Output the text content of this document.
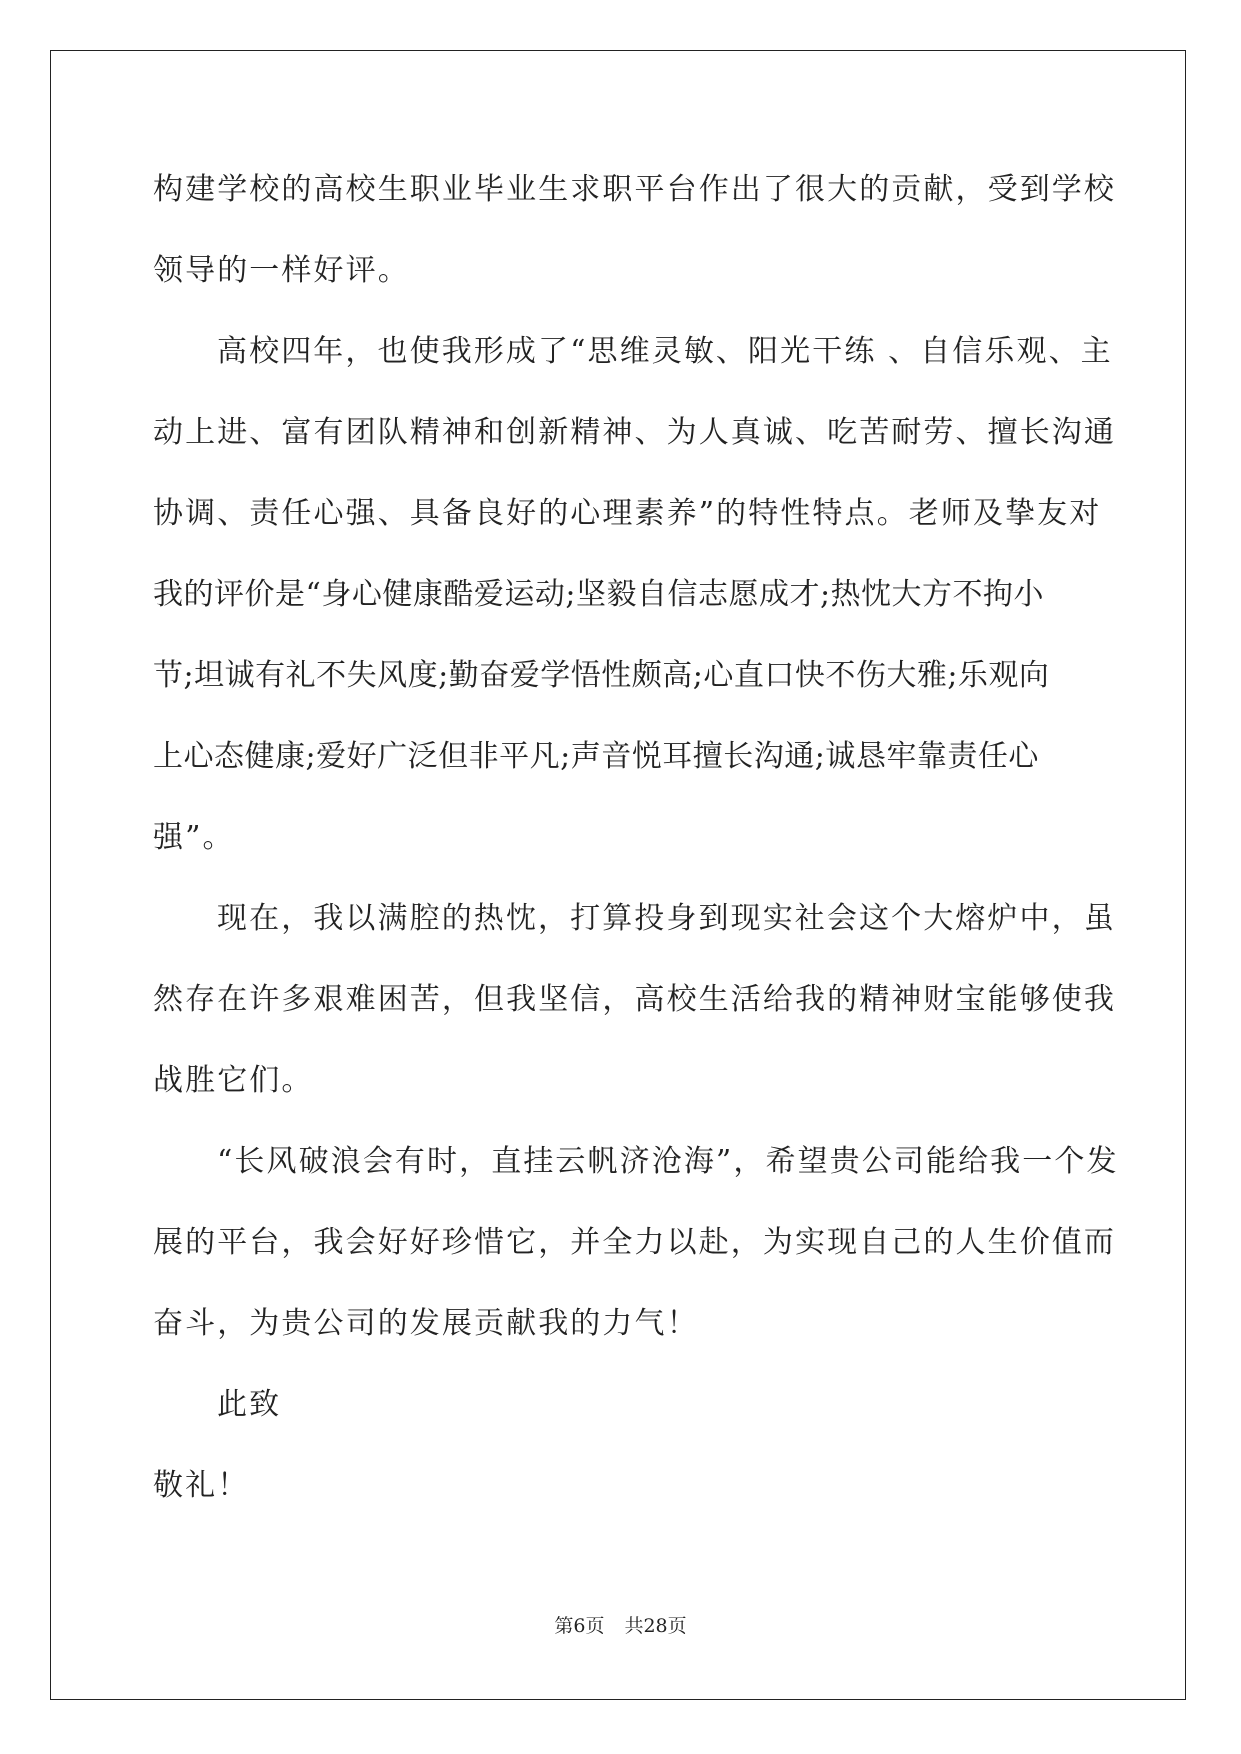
构建学校的高校生职业毕业生求职平台作出了很大的贡献，受到学校
领导的一样好评。
高校四年，也使我形成了“思维灵敏、阳光干练 、自信乐观、主
动上进、富有团队精神和创新精神、为人真诚、吃苦耐劳、擅长沟通
协调、责任心强、具备良好的心理素养”的特性特点。老师及挚友对
我的评价是“身心健康酷爱运动;坚毅自信志愿成才;热忱大方不拘小
节;坦诚有礼不失风度;勤奋爱学悟性颇高;心直口快不伤大雅;乐观向
上心态健康;爱好广泛但非平凡;声音悦耳擅长沟通;诚恳牢靠责任心
强”。
现在，我以满腔的热忱，打算投身到现实社会这个大熔炉中，虽
然存在许多艰难困苦，但我坚信，高校生活给我的精神财宝能够使我
战胜它们。
“长风破浪会有时，直挂云帆济沧海”，希望贵公司能给我一个发
展的平台，我会好好珍惜它，并全力以赴，为实现自己的人生价值而
奋斗，为贵公司的发展贡献我的力气！
此致
敬礼！
第6页 共28页
